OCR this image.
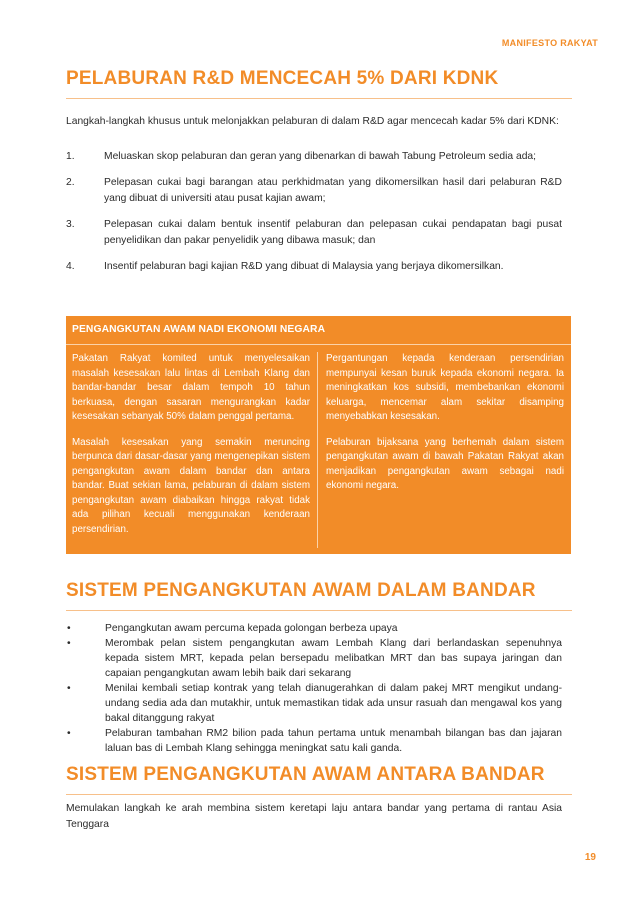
MANIFESTO RAKYAT
PELABURAN R&D MENCECAH 5% DARI KDNK
Langkah-langkah khusus untuk melonjakkan pelaburan di dalam R&D agar mencecah kadar 5% dari KDNK:
1.	Meluaskan skop pelaburan dan geran yang dibenarkan di bawah Tabung Petroleum sedia ada;
2.	Pelepasan cukai bagi barangan atau perkhidmatan yang dikomersilkan hasil dari pelaburan R&D yang dibuat di universiti atau pusat kajian awam;
3.	Pelepasan cukai dalam bentuk insentif pelaburan dan pelepasan cukai pendapatan bagi pusat penyelidikan dan pakar penyelidik yang dibawa masuk; dan
4.	Insentif pelaburan bagi kajian R&D yang dibuat di Malaysia yang berjaya dikomersilkan.
PENGANGKUTAN AWAM NADI EKONOMI NEGARA

Pakatan Rakyat komited untuk menyelesaikan masalah kesesakan lalu lintas di Lembah Klang dan bandar-bandar besar dalam tempoh 10 tahun berkuasa, dengan sasaran mengurangkan kadar kesesakan sebanyak 50% dalam penggal pertama.

Masalah kesesakan yang semakin meruncing berpunca dari dasar-dasar yang mengenepikan sistem pengangkutan awam dalam bandar dan antara bandar. Buat sekian lama, pelaburan di dalam sistem pengangkutan awam diabaikan hingga rakyat tidak ada pilihan kecuali menggunakan kenderaan persendirian.

Pergantungan kepada kenderaan persendirian mempunyai kesan buruk kepada ekonomi negara. Ia meningkatkan kos subsidi, membebankan ekonomi keluarga, mencemar alam sekitar disamping menyebabkan kesesakan.

Pelaburan bijaksana yang berhemah dalam sistem pengangkutan awam di bawah Pakatan Rakyat akan menjadikan pengangkutan awam sebagai nadi ekonomi negara.

SISTEM PENGANGKUTAN AWAM DALAM BANDAR
•	Pengangkutan awam percuma kepada golongan berbeza upaya
•	Merombak pelan sistem pengangkutan awam Lembah Klang dari berlandaskan sepenuhnya kepada sistem MRT, kepada pelan bersepadu melibatkan MRT dan bas supaya jaringan dan capaian pengangkutan awam lebih baik dari sekarang
•	Menilai kembali setiap kontrak yang telah dianugerahkan di dalam pakej MRT mengikut undang-undang sedia ada dan mutakhir, untuk memastikan tidak ada unsur rasuah dan mengawal kos yang bakal ditanggung rakyat
•	Pelaburan tambahan RM2 bilion pada tahun pertama untuk menambah bilangan bas dan jajaran laluan bas di Lembah Klang sehingga meningkat satu kali ganda.
SISTEM PENGANGKUTAN AWAM ANTARA BANDAR
Memulakan langkah ke arah membina sistem keretapi laju antara bandar yang pertama di rantau Asia Tenggara
19
